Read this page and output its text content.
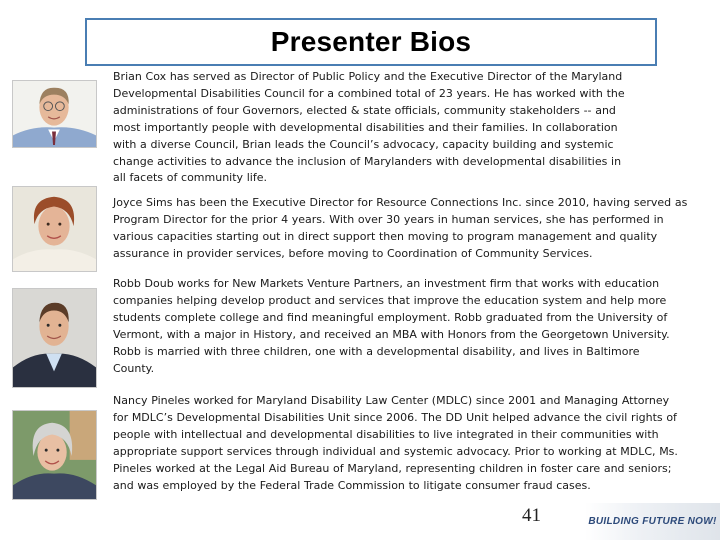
Presenter Bios

Brian Cox has served as Director of Public Policy and the Executive Director of the Maryland Developmental Disabilities Council for a combined total of 23 years. He has worked with the administrations of four Governors, elected & state officials, community stakeholders -- and most importantly people with developmental disabilities and their families. In collaboration with a diverse Council, Brian leads the Council’s advocacy, capacity building and systemic change activities to advance the inclusion of Marylanders with developmental disabilities in all facets of community life.

Joyce Sims has been the Executive Director for Resource Connections Inc. since 2010, having served as Program Director for the prior 4 years. With over 30 years in human services, she has performed in various capacities starting out in direct support then moving to program management and quality assurance in provider services, before moving to Coordination of Community Services.

Robb Doub works for New Markets Venture Partners, an investment firm that works with education companies helping develop product and services that improve the education system and help more students complete college and find meaningful employment. Robb graduated from the University of Vermont, with a major in History, and received an MBA with Honors from the Georgetown University. Robb is married with three children, one with a developmental disability, and lives in Baltimore County.

Nancy Pineles worked for Maryland Disability Law Center (MDLC) since 2001 and Managing Attorney for MDLC’s Developmental Disabilities Unit since 2006. The DD Unit helped advance the civil rights of people with intellectual and developmental disabilities to live integrated in their communities with appropriate support services through individual and systemic advocacy. Prior to working at MDLC, Ms. Pineles worked at the Legal Aid Bureau of Maryland, representing children in foster care and seniors; and was employed by the Federal Trade Commission to litigate consumer fraud cases.

41	BUILDING FUTURE NOW!
